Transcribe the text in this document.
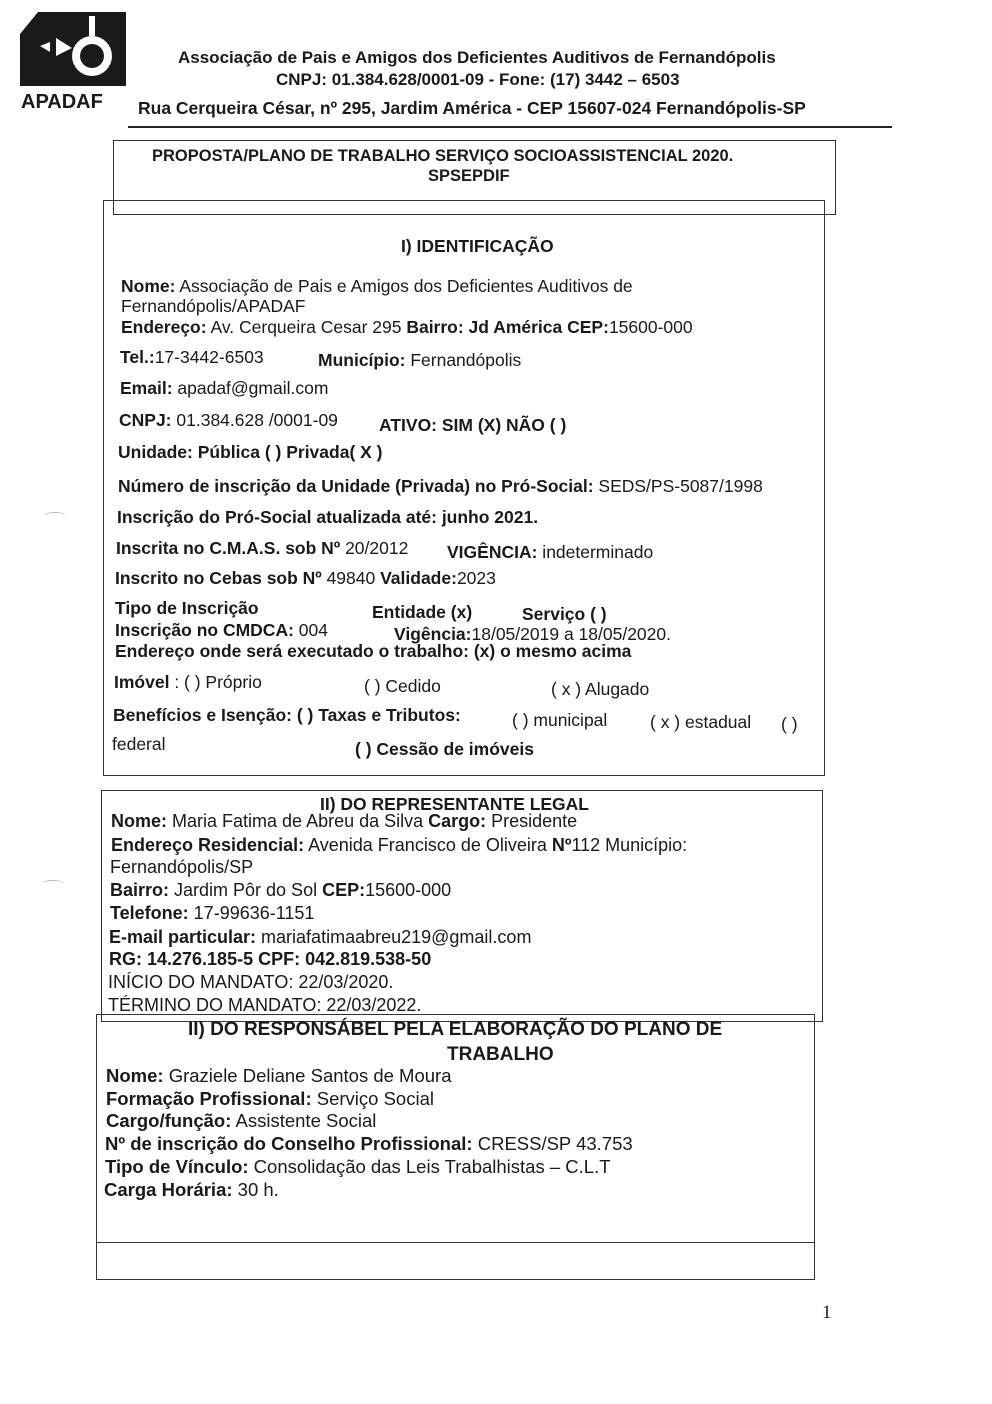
APADAF
Associação de Pais e Amigos dos Deficientes Auditivos de Fernandópolis
CNPJ: 01.384.628/0001-09 - Fone: (17) 3442 – 6503
Rua Cerqueira César, nº 295, Jardim América - CEP 15607-024 Fernandópolis-SP
PROPOSTA/PLANO DE TRABALHO SERVIÇO SOCIOASSISTENCIAL 2020.
SPSEPDIF
I) IDENTIFICAÇÃO
Nome: Associação de Pais e Amigos dos Deficientes Auditivos de
Fernandópolis/APADAF
Endereço: Av. Cerqueira Cesar 295 Bairro: Jd América CEP:15600-000
Tel.:17-3442-6503	Município: Fernandópolis
Email: apadaf@gmail.com
CNPJ: 01.384.628 /0001-09 ATIVO: SIM (X) NÃO ( )
Unidade: Pública ( ) Privada( X )
Número de inscrição da Unidade (Privada) no Pró-Social: SEDS/PS-5087/1998
Inscrição do Pró-Social atualizada até: junho 2021.
Inscrita no C.M.A.S. sob Nº 20/2012 VIGÊNCIA: indeterminado
Inscrito no Cebas sob Nº 49840 Validade:2023
Tipo de Inscrição	Entidade (x)	Serviço ( )
Inscrição no CMDCA: 004	Vigência:18/05/2019 a 18/05/2020.
Endereço onde será executado o trabalho: (x) o mesmo acima
Imóvel : ( ) Próprio	( ) Cedido	( x ) Alugado
Benefícios e Isenção: ( ) Taxas e Tributos:	( ) municipal ( x ) estadual ( )
federal	( ) Cessão de imóveis
II) DO REPRESENTANTE LEGAL
Nome: Maria Fatima de Abreu da Silva Cargo: Presidente
Endereço Residencial: Avenida Francisco de Oliveira Nº112 Município:
Fernandópolis/SP
Bairro: Jardim Pôr do Sol CEP:15600-000
Telefone: 17-99636-1151
E-mail particular: mariafatimaabreu219@gmail.com
RG: 14.276.185-5 CPF: 042.819.538-50
INÍCIO DO MANDATO: 22/03/2020.
TÉRMINO DO MANDATO: 22/03/2022.
II) DO RESPONSÁBEL PELA ELABORAÇÃO DO PLANO DE
TRABALHO
Nome: Graziele Deliane Santos de Moura
Formação Profissional: Serviço Social
Cargo/função: Assistente Social
Nº de inscrição do Conselho Profissional: CRESS/SP 43.753
Tipo de Vínculo: Consolidação das Leis Trabalhistas – C.L.T
Carga Horária: 30 h.
1
